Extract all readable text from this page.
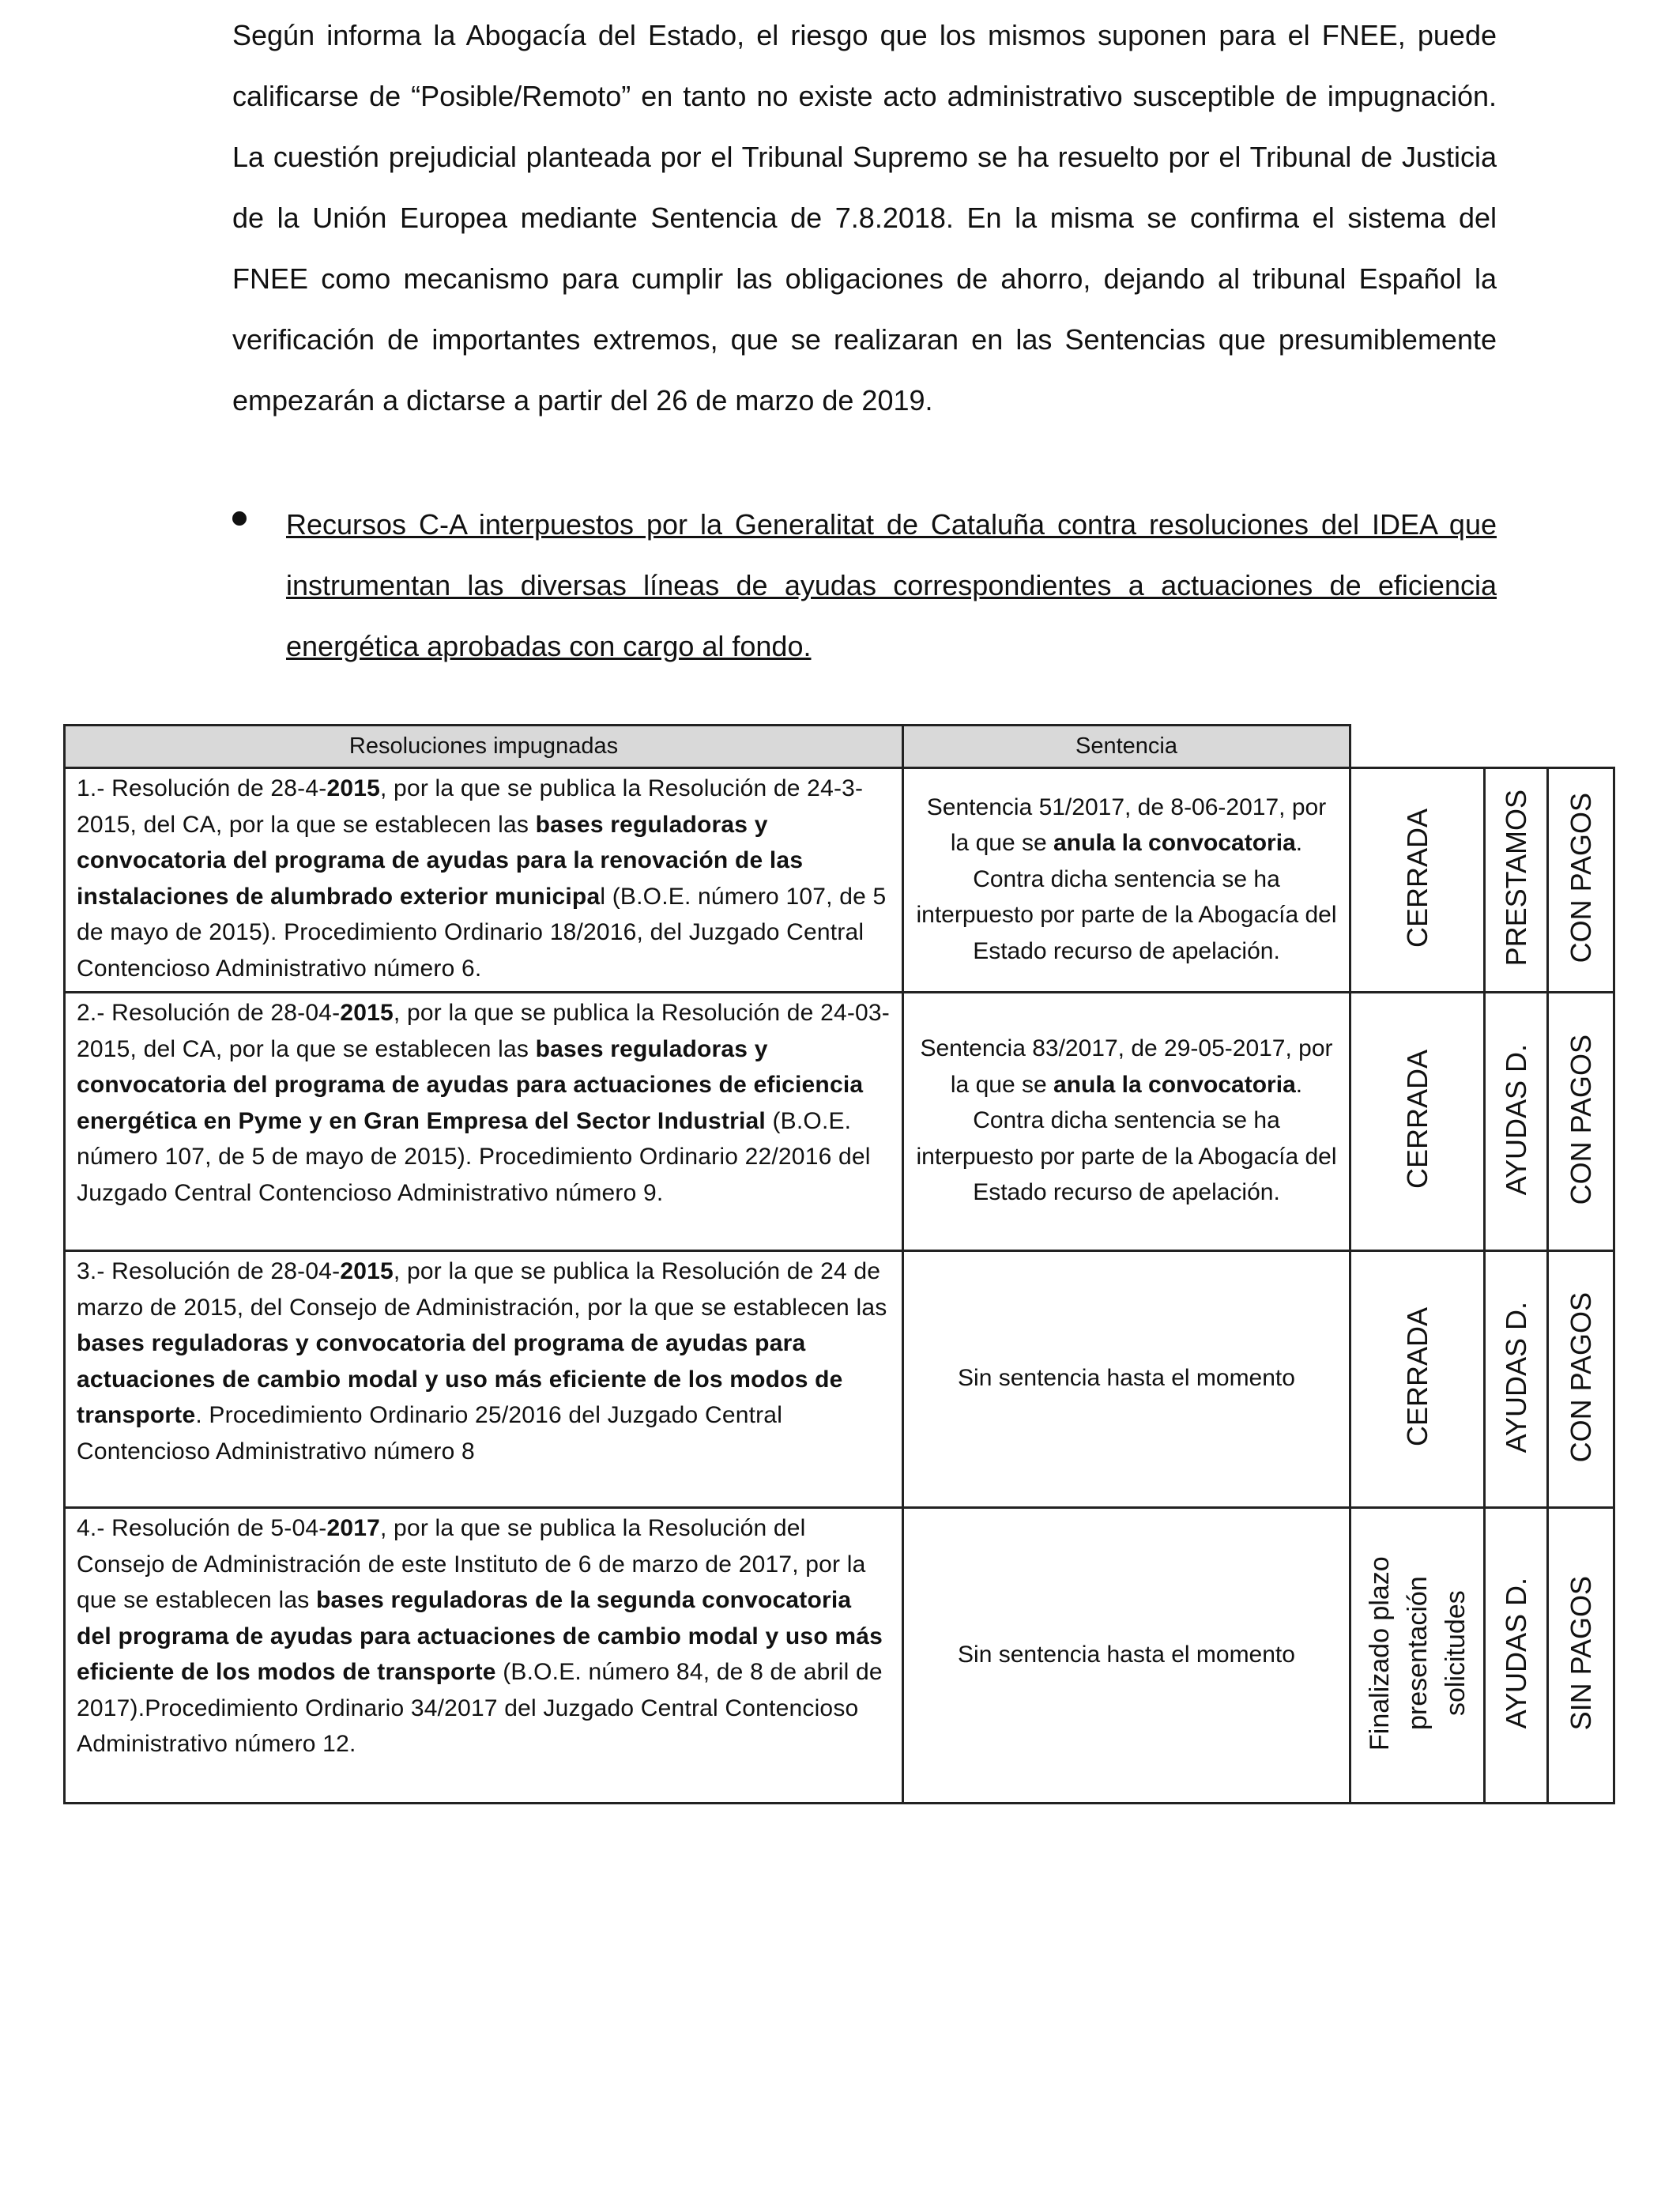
Según informa la Abogacía del Estado, el riesgo que los mismos suponen para el FNEE, puede calificarse de “Posible/Remoto” en tanto no existe acto administrativo susceptible de impugnación. La cuestión prejudicial planteada por el Tribunal Supremo se ha resuelto por el Tribunal de Justicia de la Unión Europea mediante Sentencia de 7.8.2018. En la misma se confirma el sistema del FNEE como mecanismo para cumplir las obligaciones de ahorro, dejando al tribunal Español la verificación de importantes extremos, que se realizaran en las Sentencias que presumiblemente empezarán a dictarse a partir del 26 de marzo de 2019.

Recursos C-A interpuestos por la Generalitat de Cataluña contra resoluciones del IDEA que instrumentan las diversas líneas de ayudas correspondientes a actuaciones de eficiencia energética aprobadas con cargo al fondo.

Resoluciones impugnadas	Sentencia			
1.- Resolución de 28-4-2015, por la que se publica la Resolución de 24-3-2015, del CA, por la que se establecen las bases reguladoras y convocatoria del programa de ayudas para la renovación de las instalaciones de alumbrado exterior municipal (B.O.E. número 107, de 5 de mayo de 2015). Procedimiento Ordinario 18/2016, del Juzgado Central Contencioso Administrativo número 6.	Sentencia 51/2017, de 8-06-2017, por la que se anula la convocatoria. Contra dicha sentencia se ha interpuesto por parte de la Abogacía del Estado recurso de apelación.	CERRADA	PRESTAMOS	CON PAGOS
2.- Resolución de 28-04-2015, por la que se publica la Resolución de 24-03-2015, del CA, por la que se establecen las bases reguladoras y convocatoria del programa de ayudas para actuaciones de eficiencia energética en Pyme y en Gran Empresa del Sector Industrial (B.O.E. número 107, de 5 de mayo de 2015). Procedimiento Ordinario 22/2016 del Juzgado Central Contencioso Administrativo número 9.	Sentencia 83/2017, de 29-05-2017, por la que se anula la convocatoria. Contra dicha sentencia se ha interpuesto por parte de la Abogacía del Estado recurso de apelación.	CERRADA	AYUDAS D.	CON PAGOS
3.- Resolución de 28-04-2015, por la que se publica la Resolución de 24 de marzo de 2015, del Consejo de Administración, por la que se establecen las bases reguladoras y convocatoria del programa de ayudas para actuaciones de cambio modal y uso más eficiente de los modos de transporte. Procedimiento Ordinario 25/2016 del Juzgado Central Contencioso Administrativo número 8	Sin sentencia hasta el momento	CERRADA	AYUDAS D.	CON PAGOS
4.- Resolución de 5-04-2017, por la que se publica la Resolución del Consejo de Administración de este Instituto de 6 de marzo de 2017, por la que se establecen las bases reguladoras de la segunda convocatoria del programa de ayudas para actuaciones de cambio modal y uso más eficiente de los modos de transporte (B.O.E. número 84, de 8 de abril de 2017).Procedimiento Ordinario 34/2017 del Juzgado Central Contencioso Administrativo número 12.	Sin sentencia hasta el momento	Finalizado plazo presentación solicitudes	AYUDAS D.	SIN PAGOS
